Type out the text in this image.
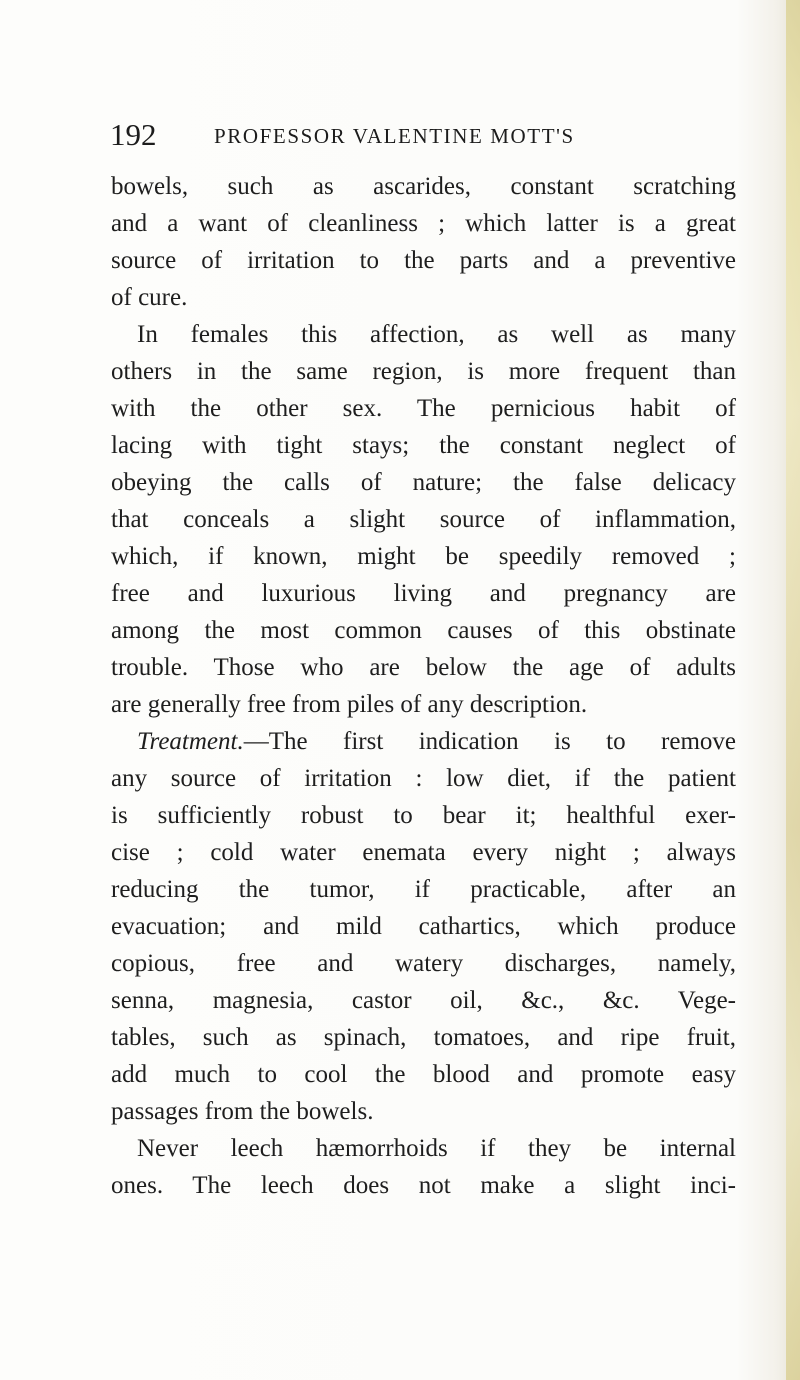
192	PROFESSOR VALENTINE MOTT'S
bowels, such as ascarides, constant scratching
and a want of cleanliness ; which latter is a great
source of irritation to the parts and a preventive
of cure.
In females this affection, as well as many
others in the same region, is more frequent than
with the other sex. The pernicious habit of
lacing with tight stays; the constant neglect of
obeying the calls of nature; the false delicacy
that conceals a slight source of inflammation,
which, if known, might be speedily removed ;
free and luxurious living and pregnancy are
among the most common causes of this obstinate
trouble. Those who are below the age of adults
are generally free from piles of any description.
Treatment.—The first indication is to remove
any source of irritation : low diet, if the patient
is sufficiently robust to bear it; healthful exer-
cise ; cold water enemata every night ; always
reducing the tumor, if practicable, after an
evacuation; and mild cathartics, which produce
copious, free and watery discharges, namely,
senna, magnesia, castor oil, &c., &c. Vege-
tables, such as spinach, tomatoes, and ripe fruit,
add much to cool the blood and promote easy
passages from the bowels.
Never leech hæmorrhoids if they be internal
ones. The leech does not make a slight inci-
